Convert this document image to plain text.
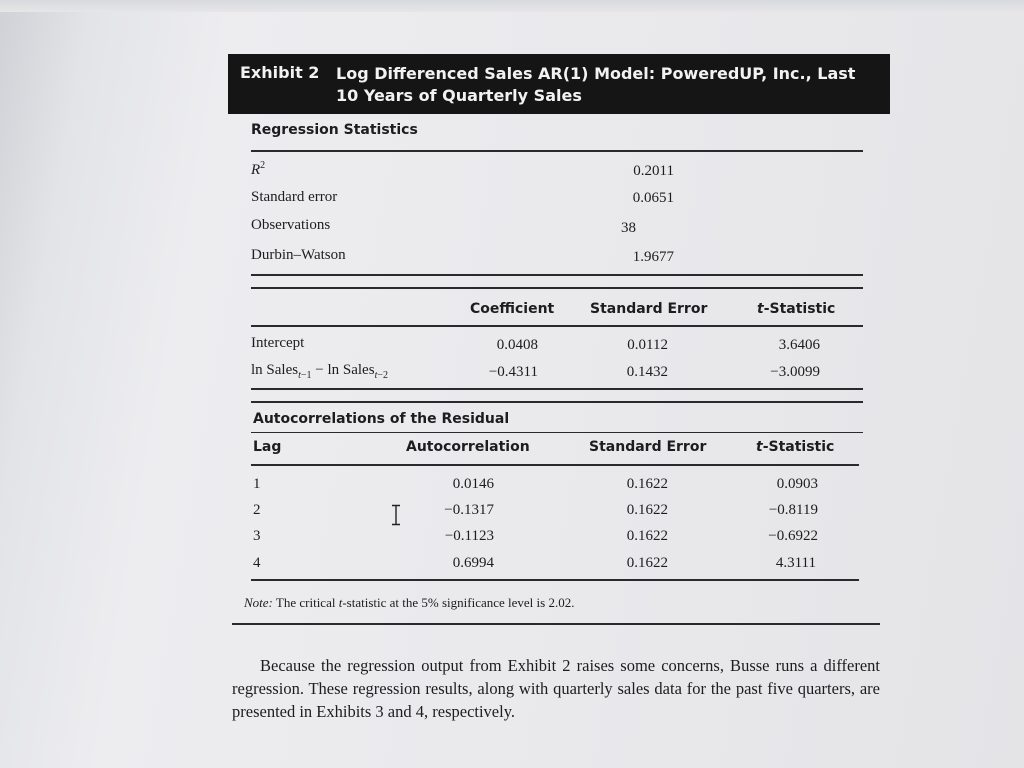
Exhibit 2 Log Differenced Sales AR(1) Model: PoweredUP, Inc., Last 10 Years of Quarterly Sales
Regression Statistics
$R^2$	0.2011
Standard error	0.0651
Observations	38
Durbin–Watson	1.9677
Coefficient	Standard Error	t-Statistic
Intercept	0.0408	0.0112	3.6406
ln Sales$_{t-1}$ − ln Sales$_{t-2}$	−0.4311	0.1432	−3.0099
Autocorrelations of the Residual
Lag	Autocorrelation	Standard Error	t-Statistic
1	0.0146	0.1622	0.0903
2	−0.1317	0.1622	−0.8119
3	−0.1123	0.1622	−0.6922
4	0.6994	0.1622	4.3111
Note: The critical t-statistic at the 5% significance level is 2.02.
Because the regression output from Exhibit 2 raises some concerns, Busse runs a different regression. These regression results, along with quarterly sales data for the past five quarters, are presented in Exhibits 3 and 4, respectively.
